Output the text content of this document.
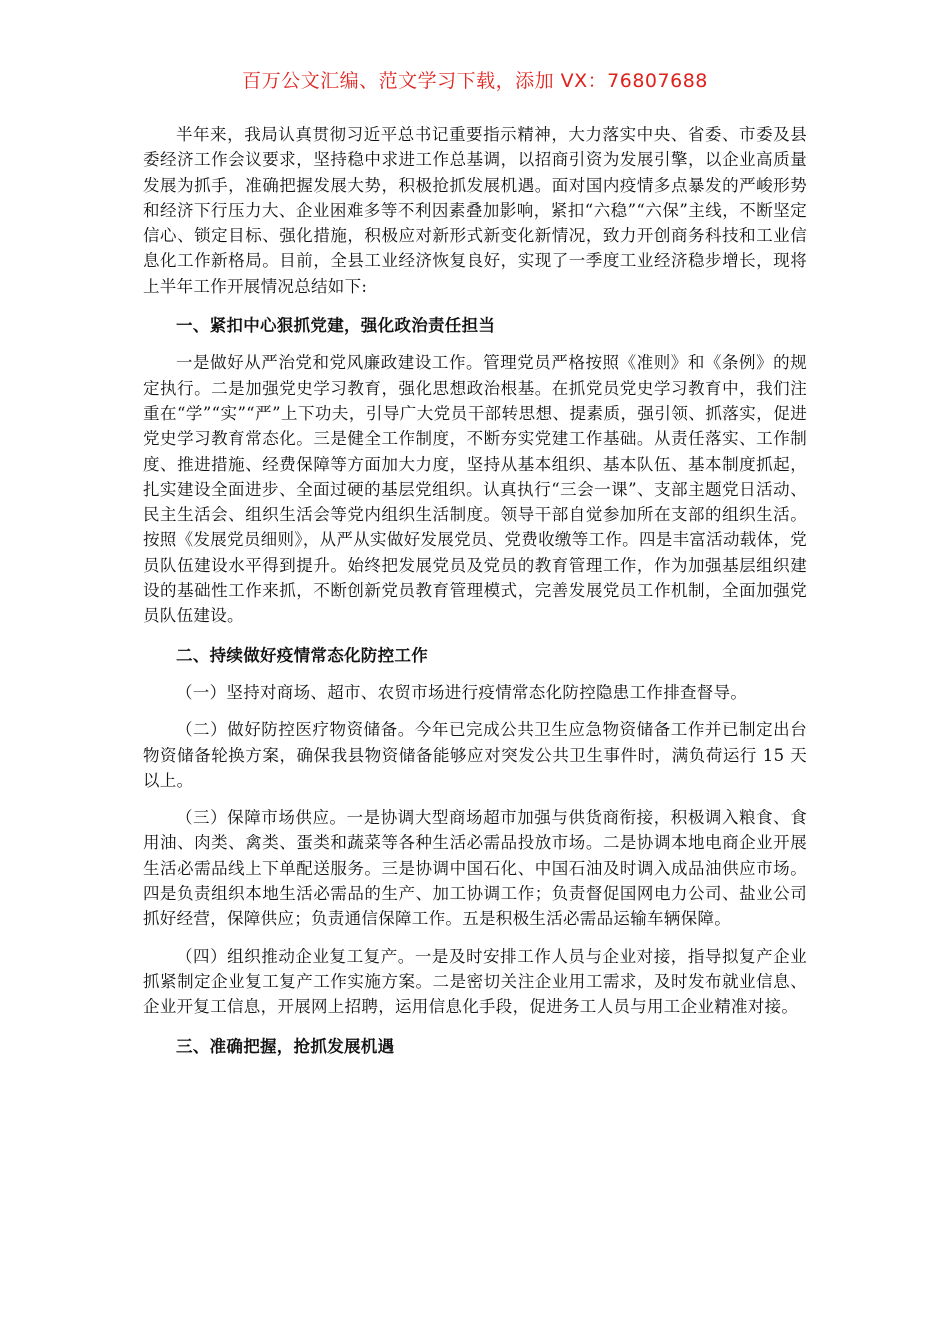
百万公文汇编、范文学习下载，添加 VX：76807688

半年来，我局认真贯彻习近平总书记重要指示精神，大力落实中央、省委、市委及县委经济工作会议要求，坚持稳中求进工作总基调，以招商引资为发展引擎，以企业高质量发展为抓手，准确把握发展大势，积极抢抓发展机遇。面对国内疫情多点暴发的严峻形势和经济下行压力大、企业困难多等不利因素叠加影响，紧扣“六稳”“六保”主线，不断坚定信心、锁定目标、强化措施，积极应对新形式新变化新情况，致力开创商务科技和工业信息化工作新格局。目前，全县工业经济恢复良好，实现了一季度工业经济稳步增长，现将上半年工作开展情况总结如下:

一、紧扣中心狠抓党建，强化政治责任担当

一是做好从严治党和党风廉政建设工作。管理党员严格按照《准则》和《条例》的规定执行。二是加强党史学习教育，强化思想政治根基。在抓党员党史学习教育中，我们注重在“学”“实”“严”上下功夫，引导广大党员干部转思想、提素质，强引领、抓落实，促进党史学习教育常态化。三是健全工作制度，不断夯实党建工作基础。从责任落实、工作制度、推进措施、经费保障等方面加大力度，坚持从基本组织、基本队伍、基本制度抓起，扎实建设全面进步、全面过硬的基层党组织。认真执行“三会一课”、支部主题党日活动、民主生活会、组织生活会等党内组织生活制度。领导干部自觉参加所在支部的组织生活。按照《发展党员细则》，从严从实做好发展党员、党费收缴等工作。四是丰富活动载体，党员队伍建设水平得到提升。始终把发展党员及党员的教育管理工作，作为加强基层组织建设的基础性工作来抓，不断创新党员教育管理模式，完善发展党员工作机制，全面加强党员队伍建设。

二、持续做好疫情常态化防控工作

（一）坚持对商场、超市、农贸市场进行疫情常态化防控隐患工作排查督导。

（二）做好防控医疗物资储备。今年已完成公共卫生应急物资储备工作并已制定出台物资储备轮换方案，确保我县物资储备能够应对突发公共卫生事件时，满负荷运行 15 天以上。

（三）保障市场供应。一是协调大型商场超市加强与供货商衔接，积极调入粮食、食用油、肉类、禽类、蛋类和蔬菜等各种生活必需品投放市场。二是协调本地电商企业开展生活必需品线上下单配送服务。三是协调中国石化、中国石油及时调入成品油供应市场。四是负责组织本地生活必需品的生产、加工协调工作；负责督促国网电力公司、盐业公司抓好经营，保障供应；负责通信保障工作。五是积极生活必需品运输车辆保障。

（四）组织推动企业复工复产。一是及时安排工作人员与企业对接，指导拟复产企业抓紧制定企业复工复产工作实施方案。二是密切关注企业用工需求，及时发布就业信息、企业开复工信息，开展网上招聘，运用信息化手段，促进务工人员与用工企业精准对接。

三、准确把握，抢抓发展机遇
